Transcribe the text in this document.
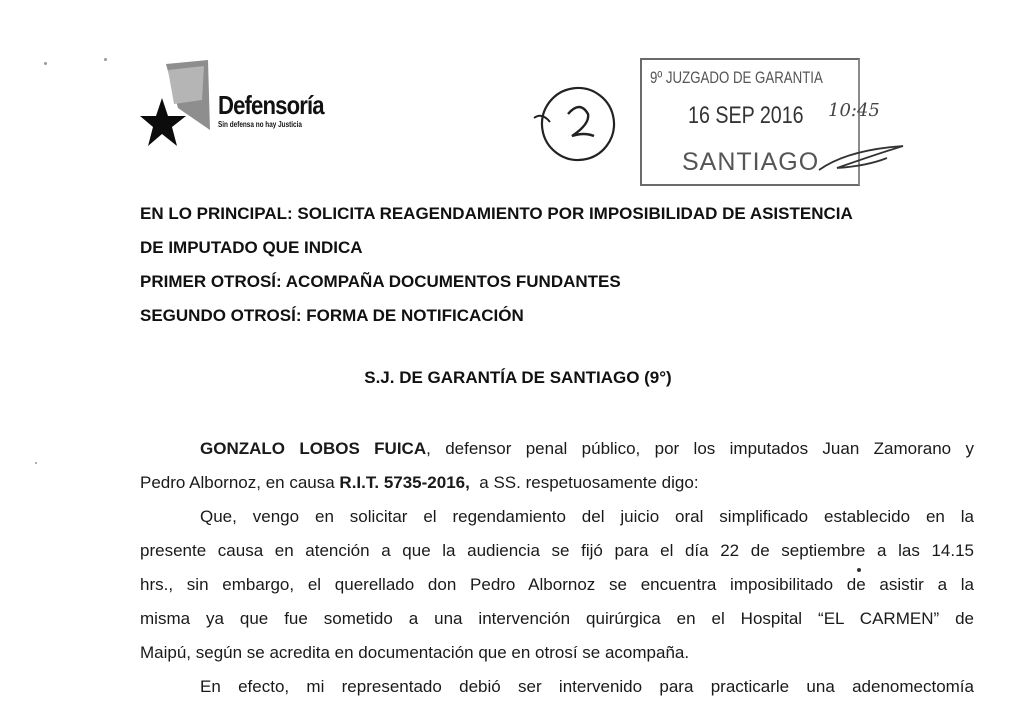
Defensoría
Sin defensa no hay Justicia
9º JUZGADO DE GARANTIA
16 SEP 2016 10:45
SANTIAGO
EN LO PRINCIPAL: SOLICITA REAGENDAMIENTO POR IMPOSIBILIDAD DE ASISTENCIA
DE IMPUTADO QUE INDICA
PRIMER OTROSÍ: ACOMPAÑA DOCUMENTOS FUNDANTES
SEGUNDO OTROSÍ: FORMA DE NOTIFICACIÓN
S.J. DE GARANTÍA DE SANTIAGO (9°)
GONZALO LOBOS FUICA, defensor penal público, por los imputados Juan Zamorano y
Pedro Albornoz, en causa R.I.T. 5735-2016,  a SS. respetuosamente digo:
Que, vengo en solicitar el regendamiento del juicio oral simplificado establecido en la
presente causa en atención a que la audiencia se fijó para el día 22 de septiembre a las 14.15
hrs., sin embargo, el querellado don Pedro Albornoz se encuentra imposibilitado de asistir a la
misma ya que fue sometido a una intervención quirúrgica en el Hospital “EL CARMEN” de
Maipú, según se acredita en documentación que en otrosí se acompaña.
En efecto, mi representado debió ser intervenido para practicarle una adenomectomía
